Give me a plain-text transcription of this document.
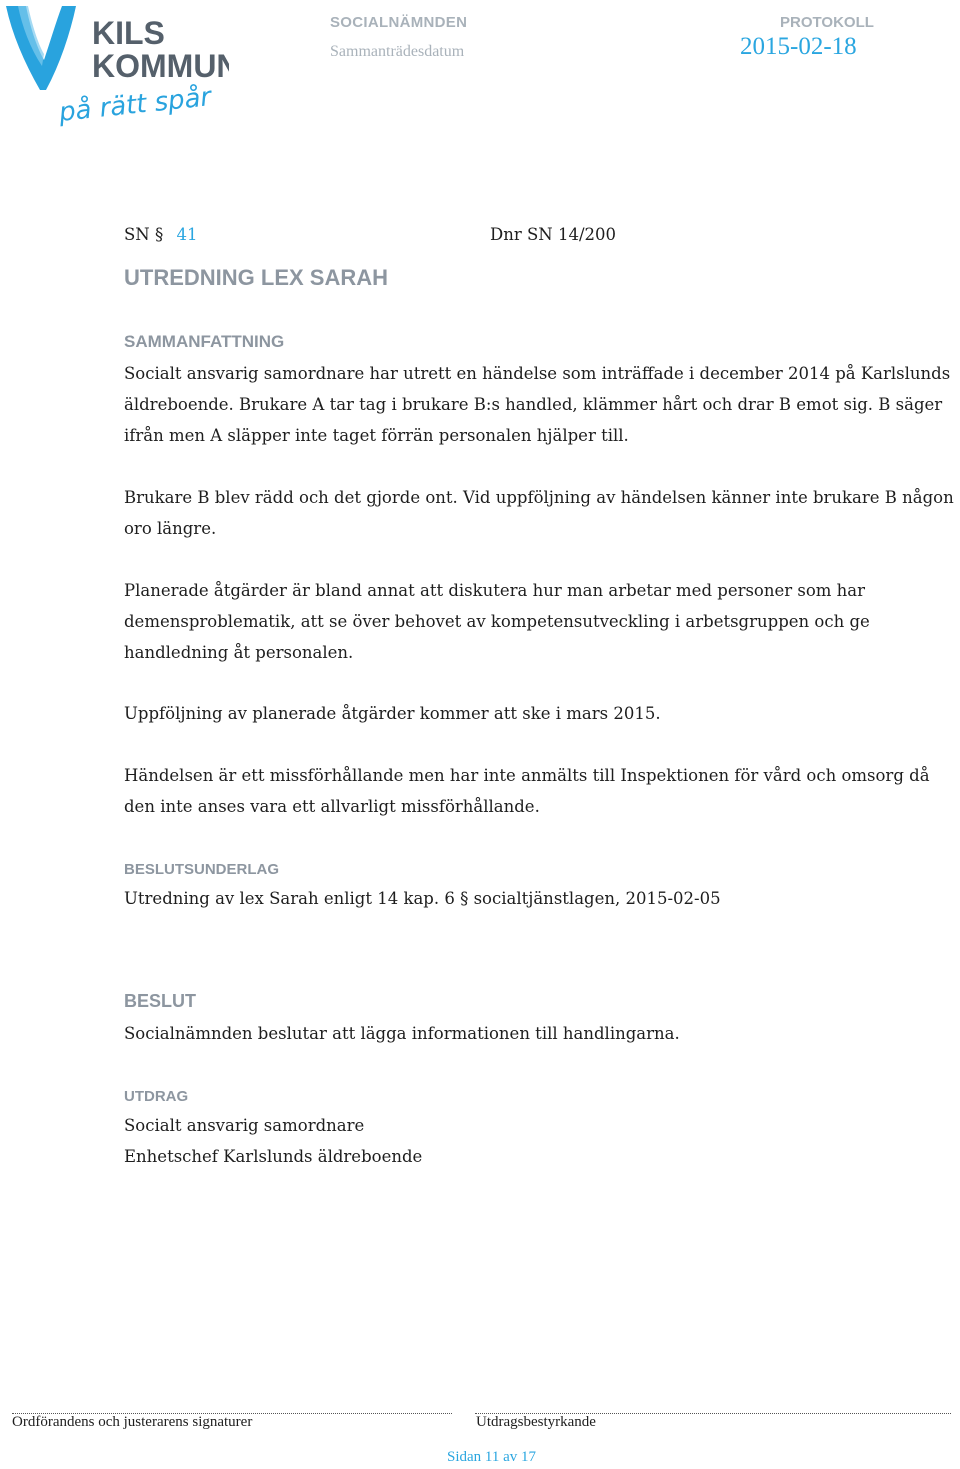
KILS
KOMMUN
på rätt spår
SOCIALNÄMNDEN
Sammanträdesdatum
PROTOKOLL
2015-02-18
SN § 41	Dnr SN 14/200
UTREDNING LEX SARAH
SAMMANFATTNING
Socialt ansvarig samordnare har utrett en händelse som inträffade i december 2014 på Karlslunds äldreboende. Brukare A tar tag i brukare B:s handled, klämmer hårt och drar B emot sig. B säger ifrån men A släpper inte taget förrän personalen hjälper till.
Brukare B blev rädd och det gjorde ont. Vid uppföljning av händelsen känner inte brukare B någon oro längre.
Planerade åtgärder är bland annat att diskutera hur man arbetar med personer som har demensproblematik, att se över behovet av kompetensutveckling i arbetsgruppen och ge handledning åt personalen.
Uppföljning av planerade åtgärder kommer att ske i mars 2015.
Händelsen är ett missförhållande men har inte anmälts till Inspektionen för vård och omsorg då den inte anses vara ett allvarligt missförhållande.
BESLUTSUNDERLAG
Utredning av lex Sarah enligt 14 kap. 6 § socialtjänstlagen, 2015-02-05
BESLUT
Socialnämnden beslutar att lägga informationen till handlingarna.
UTDRAG
Socialt ansvarig samordnare
Enhetschef Karlslunds äldreboende
Ordförandens och justerarens signaturer	Utdragsbestyrkande
Sidan 11 av 17
